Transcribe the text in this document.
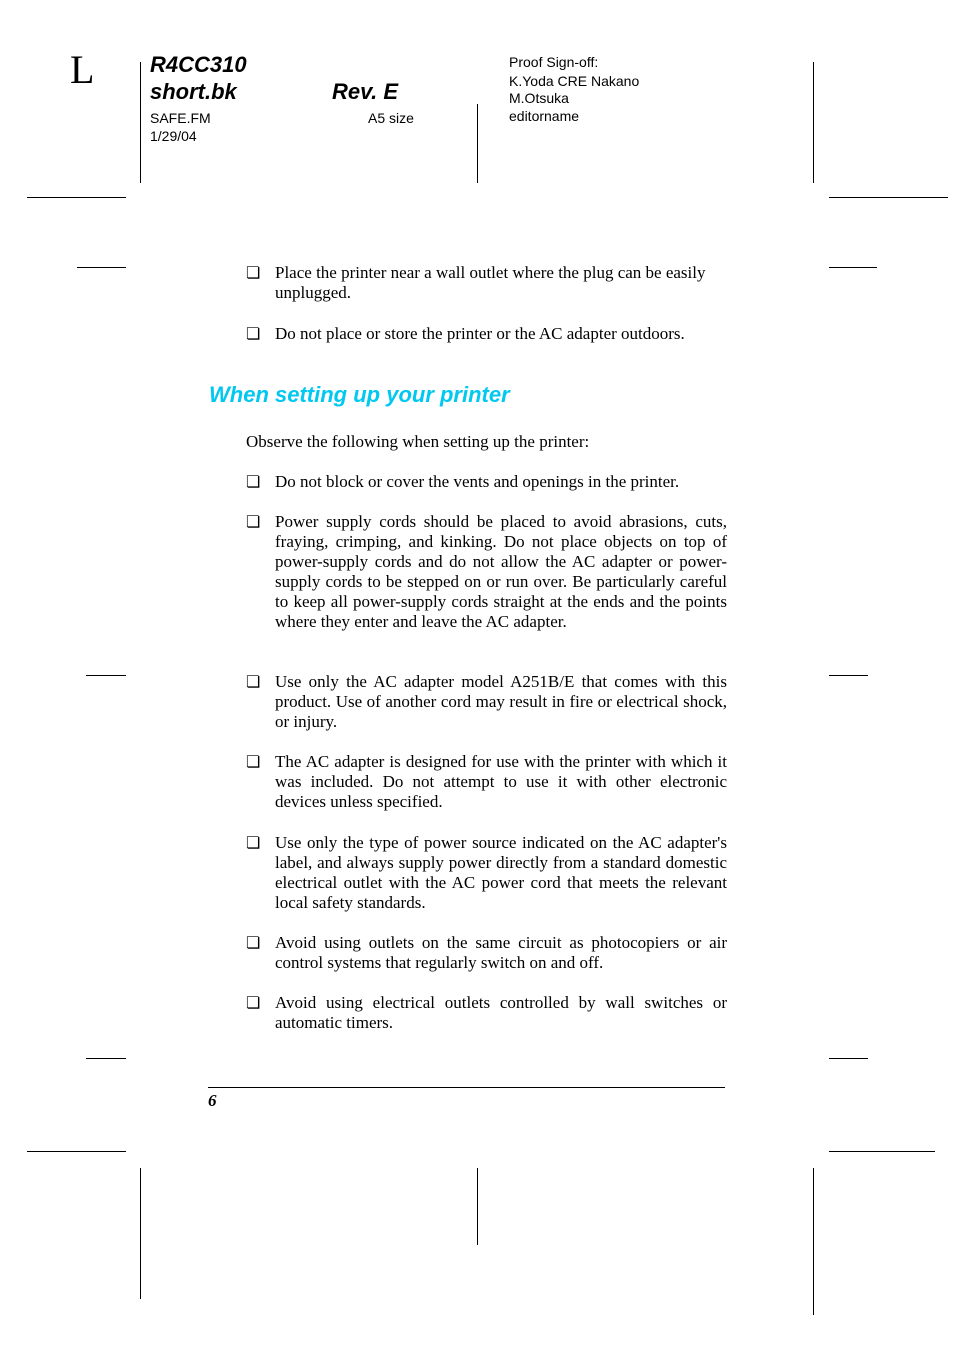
L	R4CC310
short.bk	Rev. E
SAFE.FM
1/29/04
A5 size
Proof Sign-off:
K.Yoda CRE Nakano
M.Otsuka
editorname
❏ Place the printer near a wall outlet where the plug can be easily unplugged.
❏ Do not place or store the printer or the AC adapter outdoors.
When setting up your printer
Observe the following when setting up the printer:
❏ Do not block or cover the vents and openings in the printer.
❏ Power supply cords should be placed to avoid abrasions, cuts, fraying, crimping, and kinking. Do not place objects on top of power-supply cords and do not allow the AC adapter or power-supply cords to be stepped on or run over. Be particularly careful to keep all power-supply cords straight at the ends and the points where they enter and leave the AC adapter.
❏ Use only the AC adapter model A251B/E that comes with this product. Use of another cord may result in fire or electrical shock, or injury.
❏ The AC adapter is designed for use with the printer with which it was included. Do not attempt to use it with other electronic devices unless specified.
❏ Use only the type of power source indicated on the AC adapter's label, and always supply power directly from a standard domestic electrical outlet with the AC power cord that meets the relevant local safety standards.
❏ Avoid using outlets on the same circuit as photocopiers or air control systems that regularly switch on and off.
❏ Avoid using electrical outlets controlled by wall switches or automatic timers.
6
